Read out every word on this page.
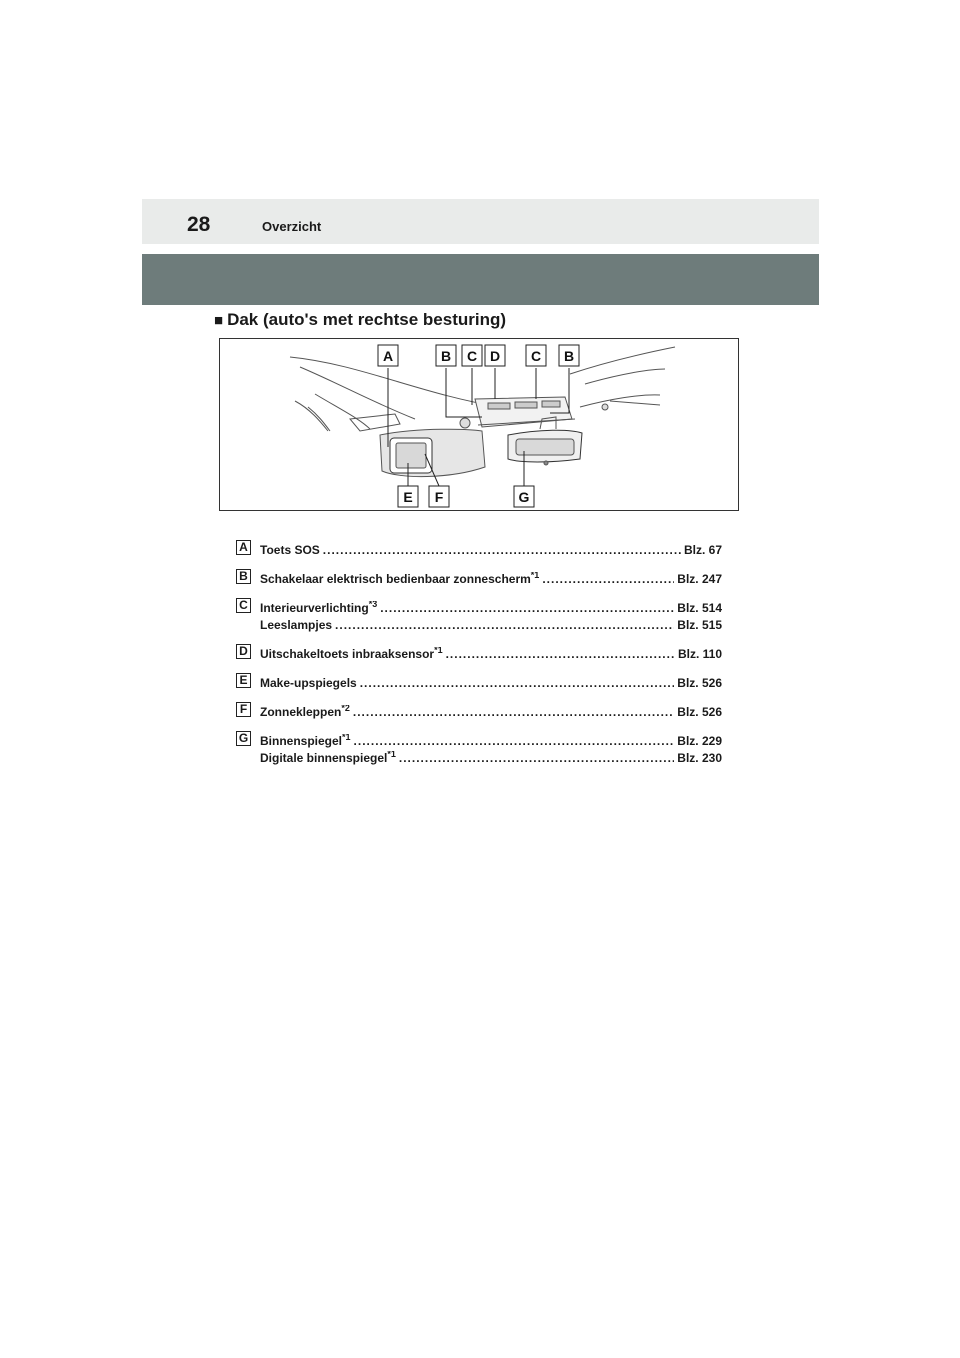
28	Overzicht
■ Dak (auto's met rechtse besturing)
A	B C D C B
E F	G
A Toets SOS .....	Blz. 67
B Schakelaar elektrisch bedienbaar zonnescherm$^{*1}$ .....	Blz. 247
C Interieurverlichting$^{*3}$ .....	Blz. 514
Leeslampjes .....	Blz. 515
D Uitschakeltoets inbraaksensor$^{*1}$ .....	Blz. 110
E Make-upspiegels .....	Blz. 526
F	Zonnekleppen$^{*2}$ .....	Blz. 526
G Binnenspiegel$^{*1}$ .....	Blz. 229
Digitale binnenspiegel$^{*1}$ .....	Blz. 230
